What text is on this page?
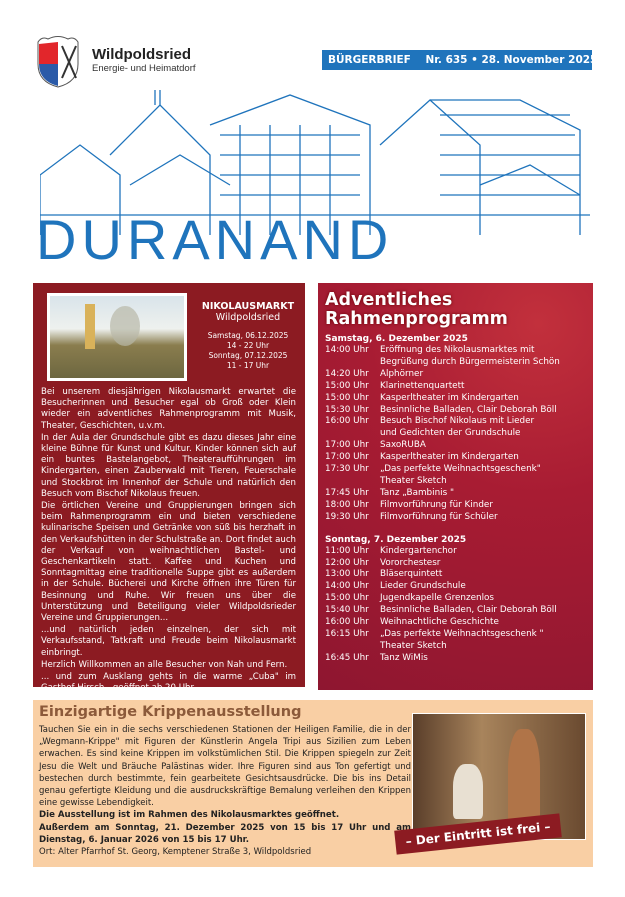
Wildpoldsried
Energie- und Heimatdorf
BÜRGERBRIEF    Nr. 635 • 28. November 2025
DURANAND
NIKOLAUSMARKT
Wildpoldsried
Samstag, 06.12.2025
14 - 22 Uhr
Sonntag, 07.12.2025
11 - 17 Uhr

Bei unserem diesjährigen Nikolausmarkt erwartet die Besucherinnen und Besucher egal ob Groß oder Klein wieder ein adventliches Rahmenprogramm mit Musik, Theater, Geschichten, u.v.m.

In der Aula der Grundschule gibt es dazu dieses Jahr eine kleine Bühne für Kunst und Kultur. Kinder können sich auf ein buntes Bastelangebot, Theateraufführungen im Kindergarten, einen Zauberwald mit Tieren, Feuerschale und Stockbrot im Innenhof der Schule und natürlich den Besuch vom Bischof Nikolaus freuen.

Die örtlichen Vereine und Gruppierungen bringen sich beim Rahmenprogramm ein und bieten verschiedene kulinarische Speisen und Getränke von süß bis herzhaft in den Verkaufshütten in der Schulstraße an. Dort findet auch der Verkauf von weihnachtlichen Bastel- und Geschenkartikeln statt. Kaffee und Kuchen und Sonntagmittag eine traditionelle Suppe gibt es außerdem in der Schule. Bücherei und Kirche öffnen ihre Türen für Besinnung und Ruhe. Wir freuen uns über die Unterstützung und Beteiligung vieler Wildpoldsrieder Vereine und Gruppierungen...

...und natürlich jeden einzelnen, der sich mit Verkaufsstand, Tatkraft und Freude beim Nikolausmarkt einbringt.

Herzlich Willkommen an alle Besucher von Nah und Fern.

... und zum Ausklang gehts in die warme „Cuba" im Gasthof Hirsch - geöffnet ab 20 Uhr.

Adventliches
Rahmenprogramm
Samstag, 6. Dezember 2025
14:00 Uhr	Eröffnung des Nikolausmarktes mit
Begrüßung durch Bürgermeisterin Schön
14:20 Uhr	Alphörner
15:00 Uhr	Klarinettenquartett
15:00 Uhr	Kasperltheater im Kindergarten
15:30 Uhr	Besinnliche Balladen, Clair Deborah Böll
16:00 Uhr	Besuch Bischof Nikolaus mit Lieder
und Gedichten der Grundschule
17:00 Uhr	SaxoRUBA
17:00 Uhr	Kasperltheater im Kindergarten
17:30 Uhr	„Das perfekte Weihnachtsgeschenk"
Theater Sketch
17:45 Uhr	Tanz „Bambinis "
18:00 Uhr	Filmvorführung für Kinder
19:30 Uhr	Filmvorführung für Schüler
Sonntag, 7. Dezember 2025
11:00 Uhr	Kindergartenchor
12:00 Uhr	Vororchestesr
13:00 Uhr	Bläserquintett
14:00 Uhr	Lieder Grundschule
15:00 Uhr	Jugendkapelle Grenzenlos
15:40 Uhr	Besinnliche Balladen, Clair Deborah Böll
16:00 Uhr	Weihnachtliche Geschichte
16:15 Uhr	„Das perfekte Weihnachtsgeschenk "
Theater Sketch
16:45 Uhr	Tanz WiMis
Einzigartige Krippenausstellung

Tauchen Sie ein in die sechs verschiedenen Stationen der Heiligen Familie, die in der „Wegmann-Krippe" mit Figuren der Künstlerin Angela Tripi aus Sizilien zum Leben erwachen. Es sind keine Krippen im volkstümlichen Stil. Die Krippen spiegeln zur Zeit Jesu die Welt und Bräuche Palästinas wider. Ihre Figuren sind aus Ton gefertigt und bestechen durch bestimmte, fein gearbeitete Gesichtsausdrücke. Die bis ins Detail genau gefertigte Kleidung und die ausdruckskräftige Bemalung verleihen den Krippen eine gewisse Lebendigkeit.

Die Ausstellung ist im Rahmen des Nikolausmarktes geöffnet.

Außerdem am Sonntag, 21. Dezember 2025 von 15 bis 17 Uhr und am Dienstag, 6. Januar 2026 von 15 bis 17 Uhr.

Ort: Alter Pfarrhof St. Georg, Kemptener Straße 3, Wildpoldsried

– Der Eintritt ist frei –
